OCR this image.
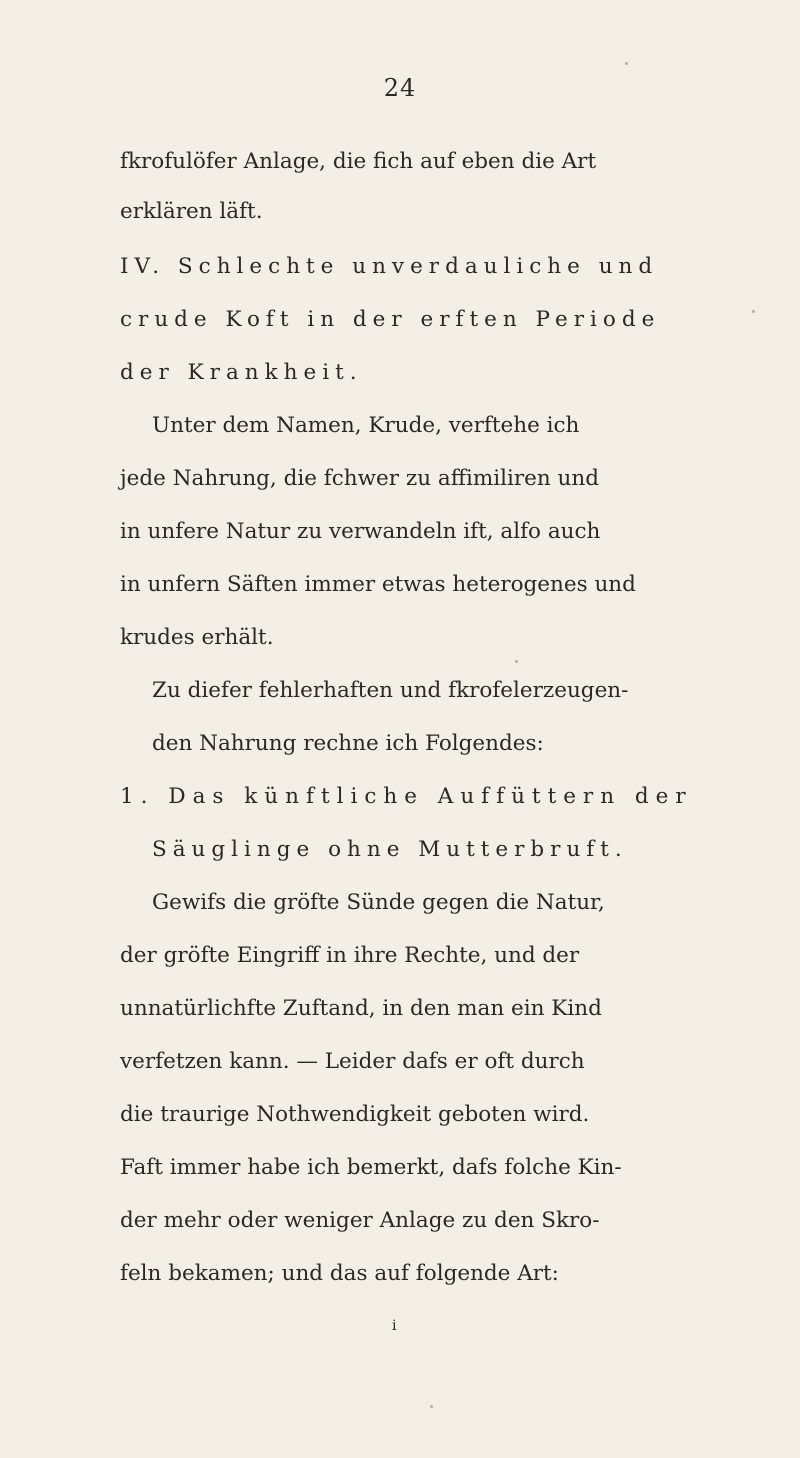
24
fkrofulöfer Anlage, die fich auf eben die Art
erklären läft.
IV. Schlechte unverdauliche und
crude Koft in der erften Periode
der Krankheit.
Unter dem Namen, Krude, verftehe ich
jede Nahrung, die fchwer zu affimiliren und
in unfere Natur zu verwandeln ift, alfo auch
in unfern Säften immer etwas heterogenes und
krudes erhält.
Zu diefer fehlerhaften und fkrofelerzeugen-
den Nahrung rechne ich Folgendes:
1. Das künftliche Auffüttern der
Säuglinge ohne Mutterbruft.
Gewifs die gröfte Sünde gegen die Natur,
der gröfte Eingriff in ihre Rechte, und der
unnatürlichfte Zuftand, in den man ein Kind
verfetzen kann. — Leider dafs er oft durch
die traurige Nothwendigkeit geboten wird.
Faft immer habe ich bemerkt, dafs folche Kin-
der mehr oder weniger Anlage zu den Skro-
feln bekamen; und das auf folgende Art:
i
